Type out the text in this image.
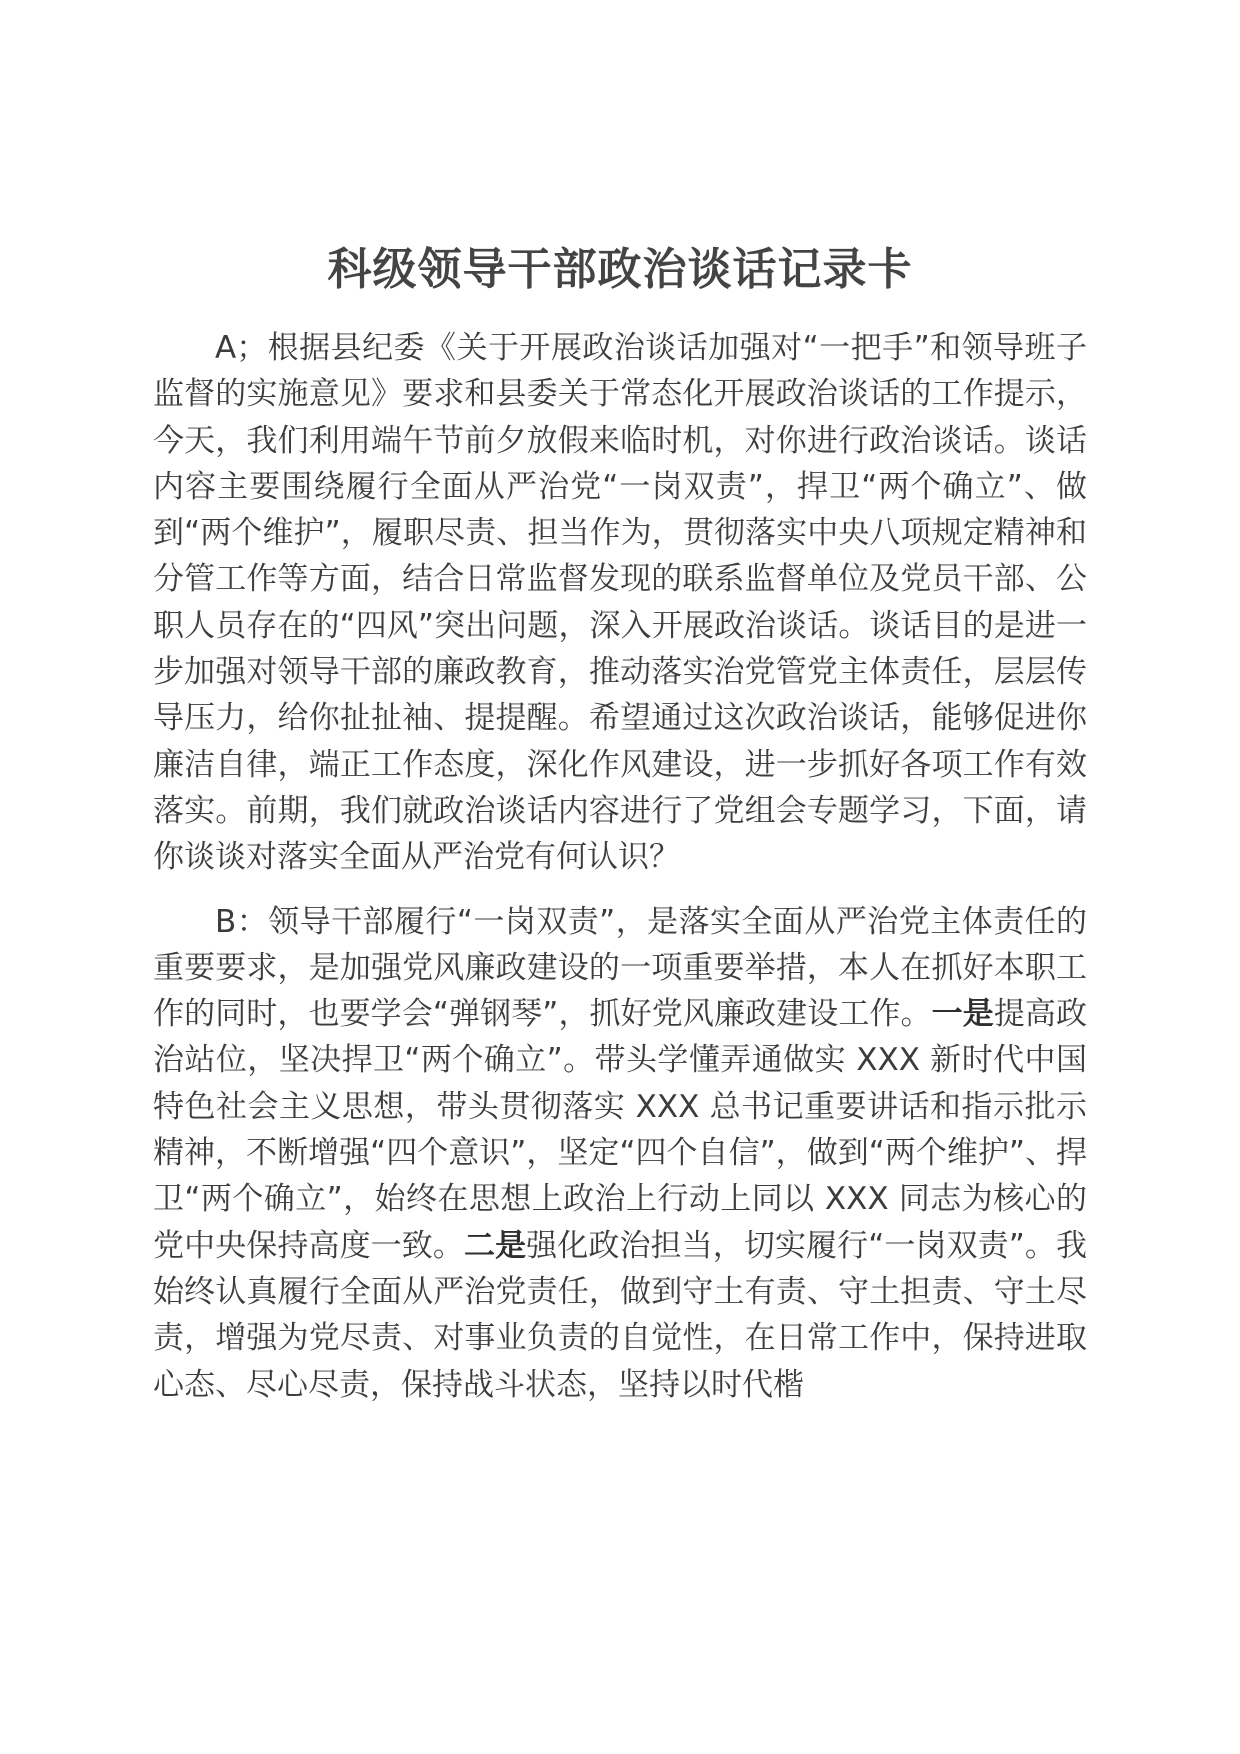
科级领导干部政治谈话记录卡

A；根据县纪委《关于开展政治谈话加强对“一把手”和领导班子监督的实施意见》要求和县委关于常态化开展政治谈话的工作提示，今天，我们利用端午节前夕放假来临时机，对你进行政治谈话。谈话内容主要围绕履行全面从严治党“一岗双责”，捍卫“两个确立”、做到“两个维护”，履职尽责、担当作为，贯彻落实中央八项规定精神和分管工作等方面，结合日常监督发现的联系监督单位及党员干部、公职人员存在的“四风”突出问题，深入开展政治谈话。谈话目的是进一步加强对领导干部的廉政教育，推动落实治党管党主体责任，层层传导压力，给你扯扯袖、提提醒。希望通过这次政治谈话，能够促进你廉洁自律，端正工作态度，深化作风建设，进一步抓好各项工作有效落实。前期，我们就政治谈话内容进行了党组会专题学习，下面，请你谈谈对落实全面从严治党有何认识？

B：领导干部履行“一岗双责”，是落实全面从严治党主体责任的重要要求，是加强党风廉政建设的一项重要举措，本人在抓好本职工作的同时，也要学会“弹钢琴”，抓好党风廉政建设工作。一是提高政治站位，坚决捍卫“两个确立”。带头学懂弄通做实 XXX 新时代中国特色社会主义思想，带头贯彻落实 XXX 总书记重要讲话和指示批示精神，不断增强“四个意识”，坚定“四个自信”，做到“两个维护”、捍卫“两个确立”，始终在思想上政治上行动上同以 XXX 同志为核心的党中央保持高度一致。二是强化政治担当，切实履行“一岗双责”。我始终认真履行全面从严治党责任，做到守土有责、守土担责、守土尽责，增强为党尽责、对事业负责的自觉性，在日常工作中，保持进取心态、尽心尽责，保持战斗状态，坚持以时代楷
